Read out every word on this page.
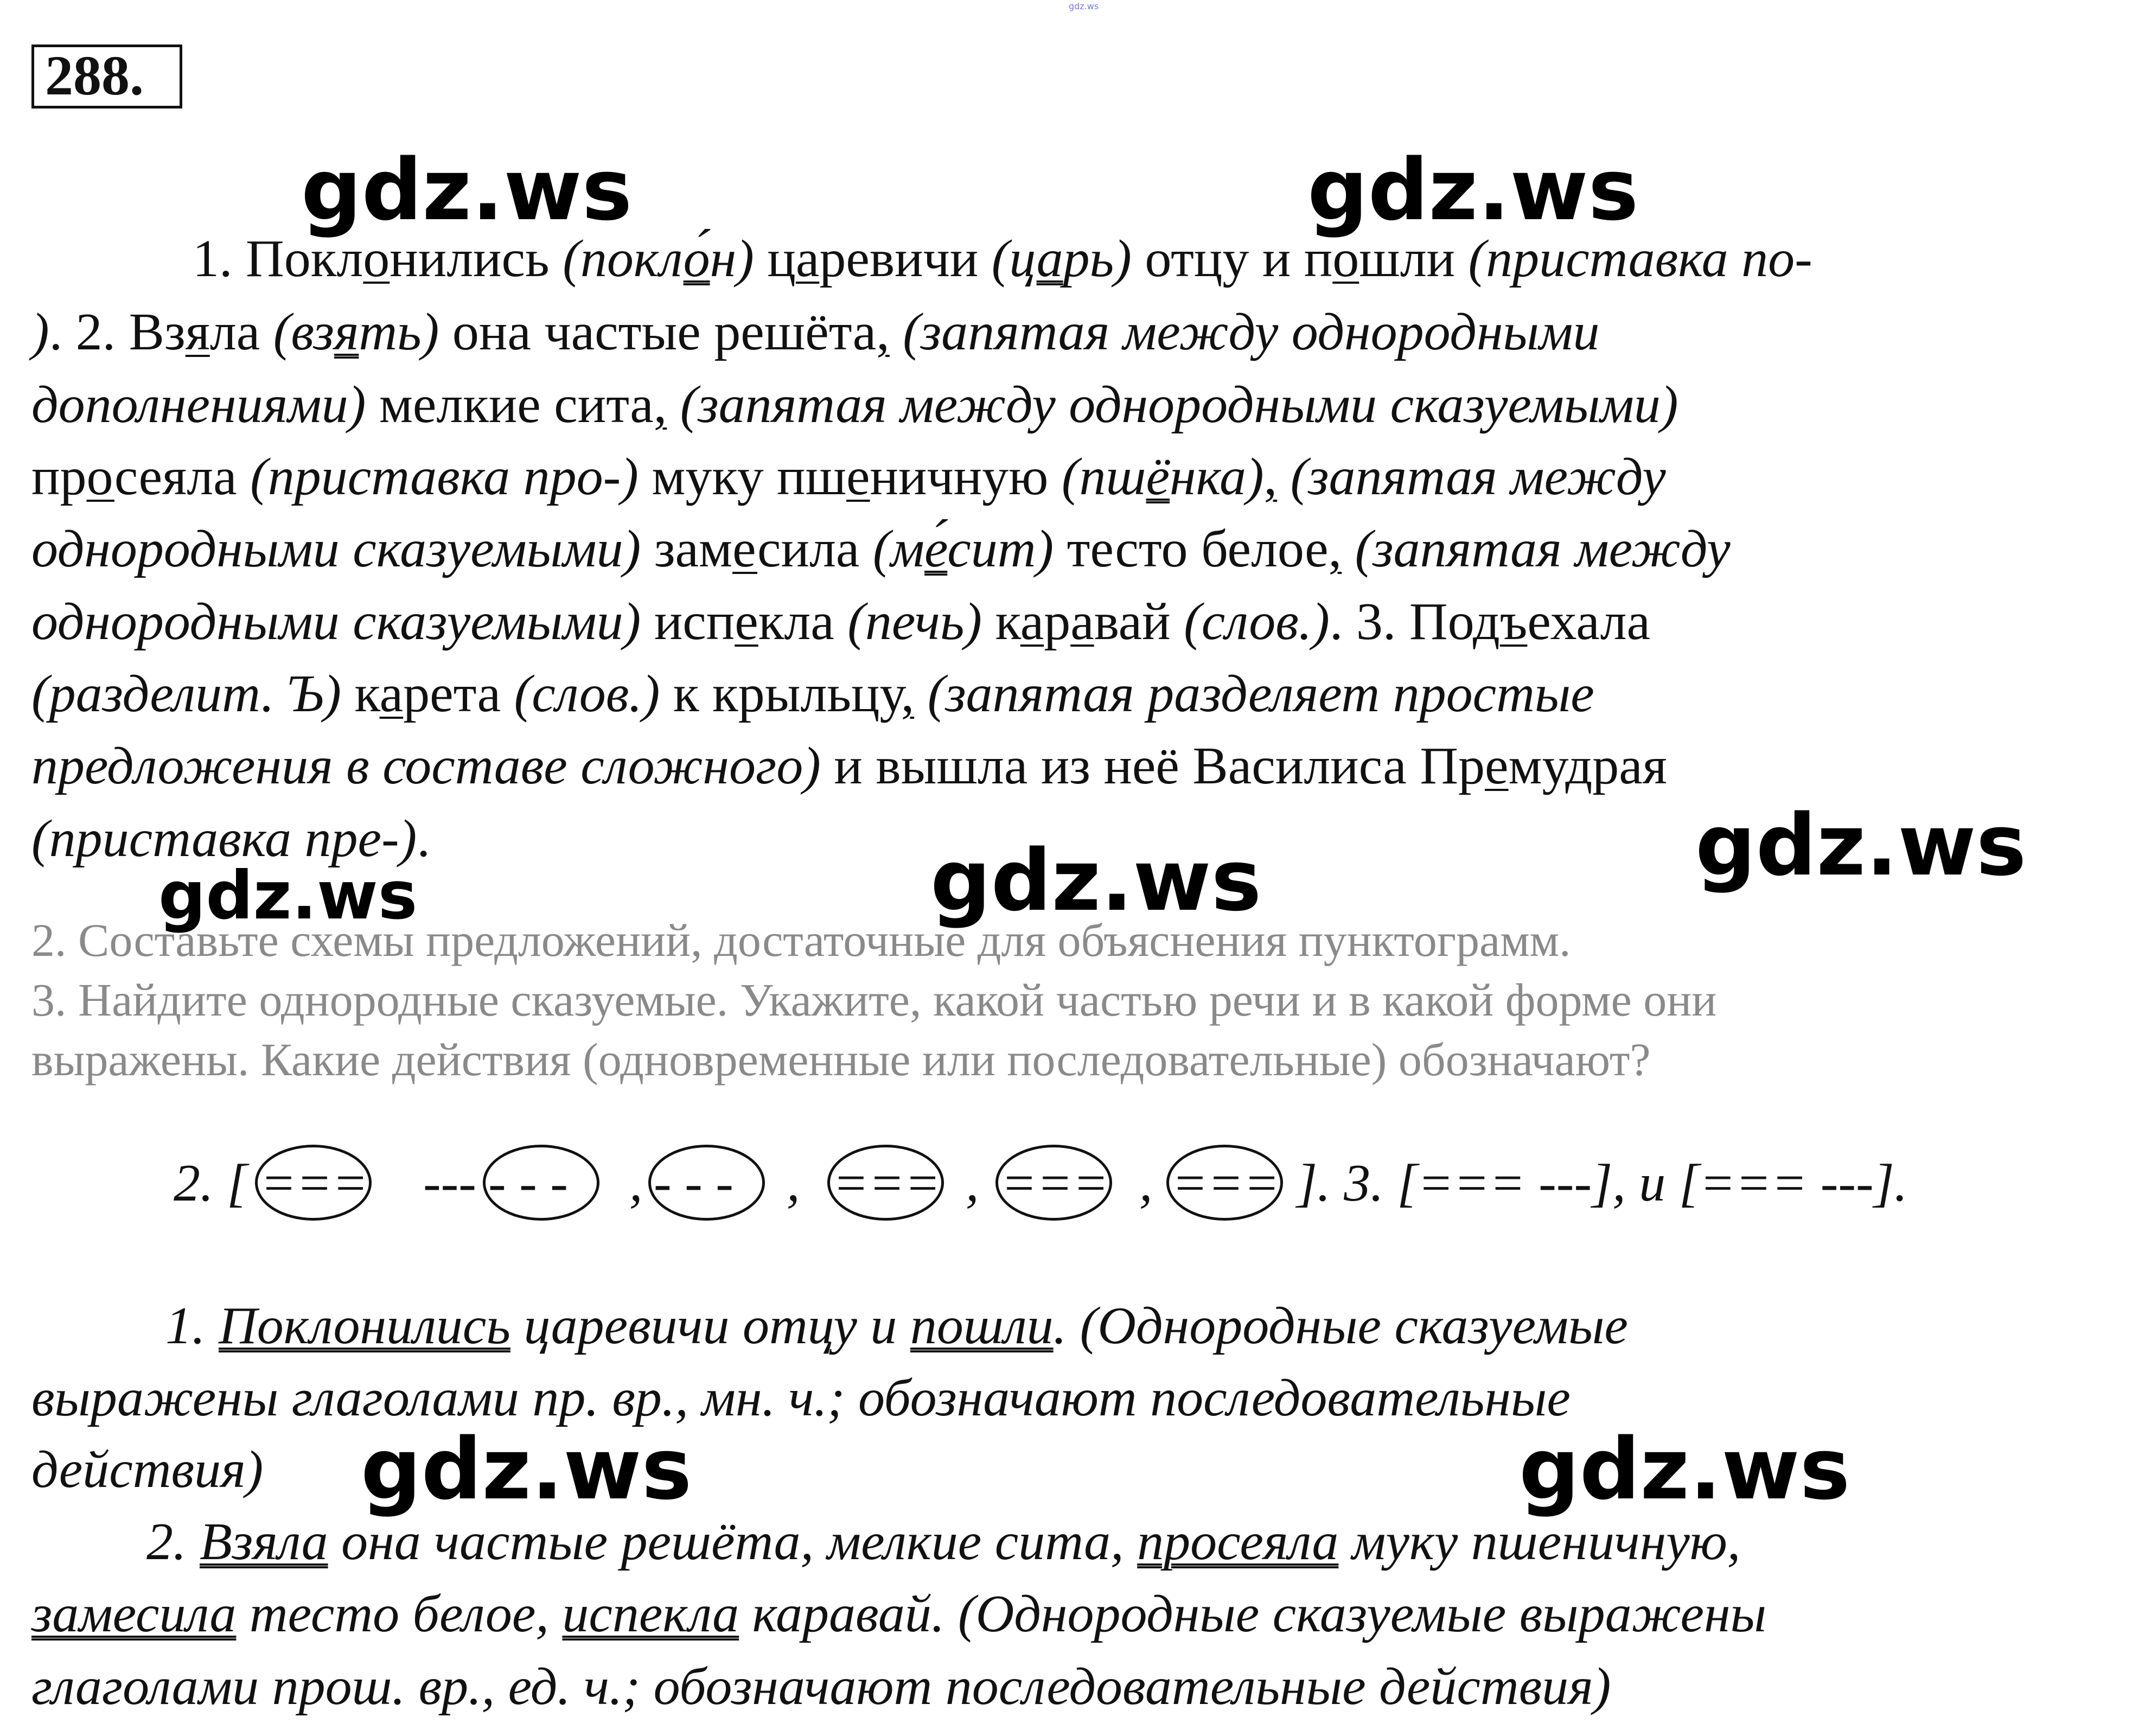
gdz.ws
288.
gdz.ws	gdz.ws
gdz.ws
gdz.ws
gdz.ws
gdz.ws	gdz.ws
1. Поклонились (покло́н) царевичи (царь) отцу и пошли (приставка по-
). 2. Взяла (взять) она частые решёта, (запятая между однородными
дополнениями) мелкие сита, (запятая между однородными сказуемыми)
просеяла (приставка про-) муку пшеничную (пшёнка), (запятая между
однородными сказуемыми) замесила (ме́сит) тесто белое, (запятая между
однородными сказуемыми) испекла (печь) каравай (слов.). 3. Подъехала
(разделит. Ъ) карета (слов.) к крыльцу, (запятая разделяет простые
предложения в составе сложного) и вышла из неё Василиса Премудрая
(приставка пре-).
2. Составьте схемы предложений, достаточные для объяснения пунктограмм.
3. Найдите однородные сказуемые. Укажите, какой частью речи и в какой форме они
выражены. Какие действия (одновременные или последовательные) обозначают?
2. [ === --- - - - - - - === === ===
,	,	,	,	]. 3. [=== ---], и [=== ---].
1. Поклонились царевичи отцу и пошли. (Однородные сказуемые
выражены глаголами пр. вр., мн. ч.; обозначают последовательные
действия)
2. Взяла она частые решёта, мелкие сита, просеяла муку пшеничную,
замесила тесто белое, испекла каравай. (Однородные сказуемые выражены
глаголами прош. вр., ед. ч.; обозначают последовательные действия)
